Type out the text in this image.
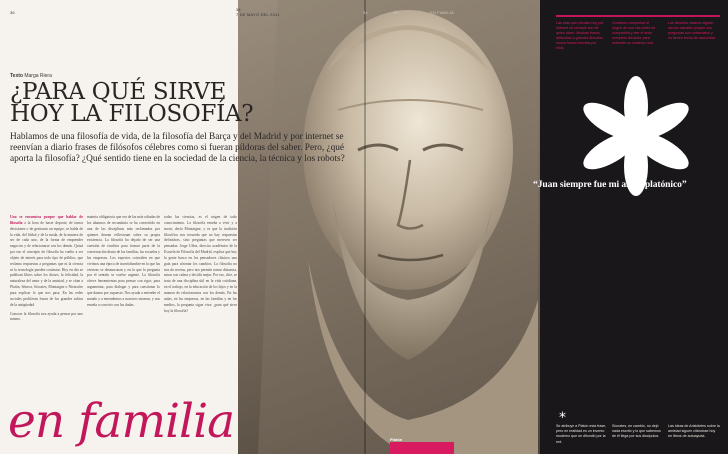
36
34
7 DE MAYO DEL 2011	34	35	EN FAMILIA
Texto Marga Riera
¿PARA QUÉ SIRVE
HOY LA FILOSOFÍA?
Hablamos de una filosofía de vida, de la filosofía del Barça y del Madrid y por internet se reenvían a diario frases de filósofos célebres como si fueran píldoras del saber. Pero, ¿qué aporta la filosofía? ¿Qué sentido tiene en la sociedad de la ciencia, la técnica y los robots?
Uno se encuentra porque que hablar de filosofía a la hora de hacer deporte, de tomar decisiones o de gestionar un equipo, se habla de la vida, del fútbol y de la moda, de la manera de ser de cada uno, de la forma de emprender negocios y de relacionarse con los demás. Quizá por eso el concepto de filosofía ha vuelto a ser objeto de interés para todo tipo de público, que reclama respuestas a preguntas que ni la ciencia ni la tecnología pueden contestar. Hoy en día se publican libros sobre los dioses, la felicidad, la naturaleza del amor y de la amistad, y se citan a Platón, Séneca, Sócrates, Montaigne o Nietzsche para explicar lo que nos pasa. En las redes sociales proliferan frases de los grandes sabios de la antigüedad.
Conocer la filosofía nos ayuda a pensar por uno mismo.
materia obligatoria que era de las más odiadas de los alumnos de secundaria se ha convertido en una de las disciplinas más reclamadas por quienes desean reflexionar sobre su propia existencia. La filosofía ha dejado de ser una cuestión de eruditos para formar parte de la conversación diaria de las familias, las escuelas y las empresas. Los expertos coinciden en que vivimos una época de incertidumbre en la que las certezas se desmoronan y en la que la pregunta por el sentido se vuelve urgente. La filosofía ofrece herramientas para pensar con rigor, para argumentar, para dialogar y para cuestionar lo que damos por supuesto. Nos ayuda a entender el mundo y a entendernos a nosotros mismos, y nos enseña a convivir con las dudas.
todas las ciencias, es el origen de todo conocimiento. La filosofía enseña a vivir y a morir, decía Montaigne, y es que la tradición filosófica nos recuerda que no hay respuestas definitivas, sino preguntas que merecen ser pensadas. Jorge Ulloa, director académico de la Escuela de Filosofía del Madrid, explica que hoy la gente busca en los pensadores clásicos una guía para afrontar los cambios. La filosofía no nos da recetas, pero nos permite tomar distancia, mirar con calma y decidir mejor. Por eso, dice, se trata de una disciplina útil en la vida cotidiana, en el trabajo, en la educación de los hijos y en la manera de relacionarnos con los demás. En las aulas, en las empresas, en las familias y en los medios, la pregunta sigue viva: ¿para qué sirve hoy la filosofía?
en familia
Las citas que circulan hoy por internet no siempre son de quien dicen. Muchas frases atribuidas a grandes filósofos nunca fueron escritas por ellos.
Conviene comprobar el origen de una cita antes de compartirla y leer el texto completo del autor para entender su contexto real.
Los filósofos clásicos siguen siendo actuales porque sus preguntas son universales y no tienen fecha de caducidad.
“Juan siempre fue mi amor platónico”
*
Se atribuye a Platón esta frase, pero en realidad es un invento moderno que se difundió por la red.
Sócrates, en cambio, no dejó nada escrito y lo que sabemos de él llega por sus discípulos.
Las ideas de Aristóteles sobre la amistad siguen citándose hoy en libros de autoayuda.
Platón
